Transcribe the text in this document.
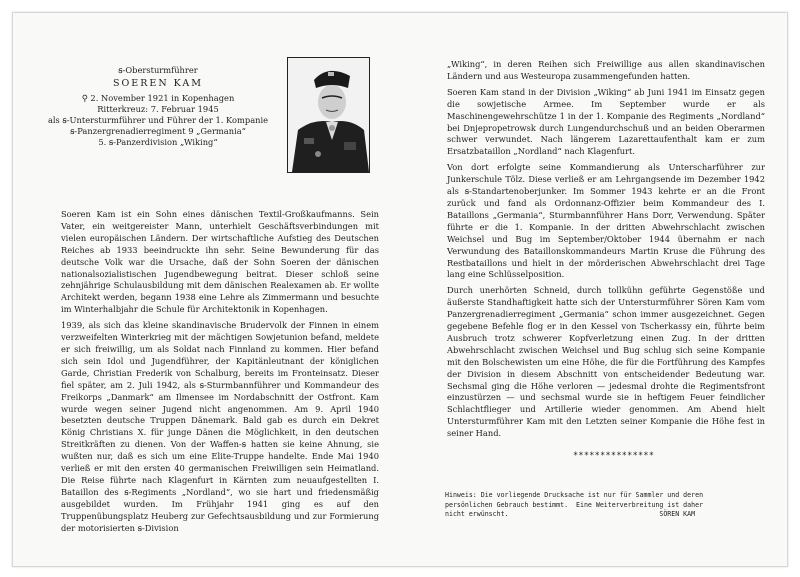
ꞩ-Obersturmführer
SOEREN KAM
⚲ 2. November 1921 in Kopenhagen
Ritterkreuz: 7. Februar 1945
als ꞩ-Untersturmführer und Führer der 1. Kompanie
ꞩ-Panzergrenadierregiment 9 „Germania“
5. ꞩ-Panzerdivision „Wiking“

Soeren Kam ist ein Sohn eines dänischen Textil-Großkaufmanns. Sein Vater, ein weitgereister Mann, unterhielt Geschäftsverbindungen mit vielen europäischen Ländern. Der wirtschaftliche Aufstieg des Deutschen Reiches ab 1933 beeindruckte ihn sehr. Seine Bewunderung für das deutsche Volk war die Ursache, daß der Sohn Soeren der dänischen nationalsozialistischen Jugendbewegung beitrat. Dieser schloß seine zehnjährige Schulausbildung mit dem dänischen Realexamen ab. Er wollte Architekt werden, begann 1938 eine Lehre als Zimmermann und besuchte im Winterhalbjahr die Schule für Architektonik in Kopenhagen.

1939, als sich das kleine skandinavische Brudervolk der Finnen in einem verzweifelten Winterkrieg mit der mächtigen Sowjetunion befand, meldete er sich freiwillig, um als Soldat nach Finnland zu kommen. Hier befand sich sein Idol und Jugendführer, der Kapitänleutnant der königlichen Garde, Christian Frederik von Schalburg, bereits im Fronteinsatz. Dieser fiel später, am 2. Juli 1942, als ꞩ-Sturmbannführer und Kommandeur des Freikorps „Danmark“ am Ilmensee im Nordabschnitt der Ostfront. Kam wurde wegen seiner Jugend nicht angenommen. Am 9. April 1940 besetzten deutsche Truppen Dänemark. Bald gab es durch ein Dekret König Christians X. für junge Dänen die Möglichkeit, in den deutschen Streitkräften zu dienen. Von der Waffen-ꞩ hatten sie keine Ahnung, sie wußten nur, daß es sich um eine Elite-Truppe handelte. Ende Mai 1940 verließ er mit den ersten 40 germanischen Freiwilligen sein Heimatland. Die Reise führte nach Klagenfurt in Kärnten zum neuaufgestellten I. Bataillon des ꞩ-Regiments „Nordland“, wo sie hart und friedensmäßig ausgebildet wurden. Im Frühjahr 1941 ging es auf den Truppenübungsplatz Heuberg zur Gefechtsausbildung und zur Formierung der motorisierten ꞩ-Division

„Wiking“, in deren Reihen sich Freiwillige aus allen skandinavischen Ländern und aus Westeuropa zusammengefunden hatten.

Soeren Kam stand in der Division „Wiking“ ab Juni 1941 im Einsatz gegen die sowjetische Armee. Im September wurde er als Maschinengewehrschütze 1 in der 1. Kompanie des Regiments „Nordland“ bei Dnjepropetrowsk durch Lungendurchschuß und an beiden Oberarmen schwer verwundet. Nach längerem Lazarettaufenthalt kam er zum Ersatzbataillon „Nordland“ nach Klagenfurt.

Von dort erfolgte seine Kommandierung als Unterscharführer zur Junkerschule Tölz. Diese verließ er am Lehrgangsende im Dezember 1942 als ꞩ-Standartenoberjunker. Im Sommer 1943 kehrte er an die Front zurück und fand als Ordonnanz-Offizier beim Kommandeur des I. Bataillons „Germania“, Sturmbannführer Hans Dorr, Verwendung. Später führte er die 1. Kompanie. In der dritten Abwehrschlacht zwischen Weichsel und Bug im September/Oktober 1944 übernahm er nach Verwundung des Bataillonskommandeurs Martin Kruse die Führung des Restbataillons und hielt in der mörderischen Abwehrschlacht drei Tage lang eine Schlüsselposition.

Durch unerhörten Schneid, durch tollkühn geführte Gegenstöße und äußerste Standhaftigkeit hatte sich der Untersturmführer Sören Kam vom Panzergrenadierregiment „Germania“ schon immer ausgezeichnet. Gegen gegebene Befehle flog er in den Kessel von Tscherkassy ein, führte beim Ausbruch trotz schwerer Kopfverletzung einen Zug. In der dritten Abwehrschlacht zwischen Weichsel und Bug schlug sich seine Kompanie mit den Bolschewisten um eine Höhe, die für die Fortführung des Kampfes der Division in diesem Abschnitt von entscheidender Bedeutung war. Sechsmal ging die Höhe verloren — jedesmal drohte die Regimentsfront einzustürzen — und sechsmal wurde sie in heftigem Feuer feindlicher Schlachtflieger und Artillerie wieder genommen. Am Abend hielt Untersturmführer Kam mit den Letzten seiner Kompanie die Höhe fest in seiner Hand.

***************
Hinweis: Die vorliegende Drucksache ist nur für Sammler und deren
persönlichen Gebrauch bestimmt.  Eine Weiterverbreitung ist daher
nicht erwünscht.                                      SÖREN KAM
